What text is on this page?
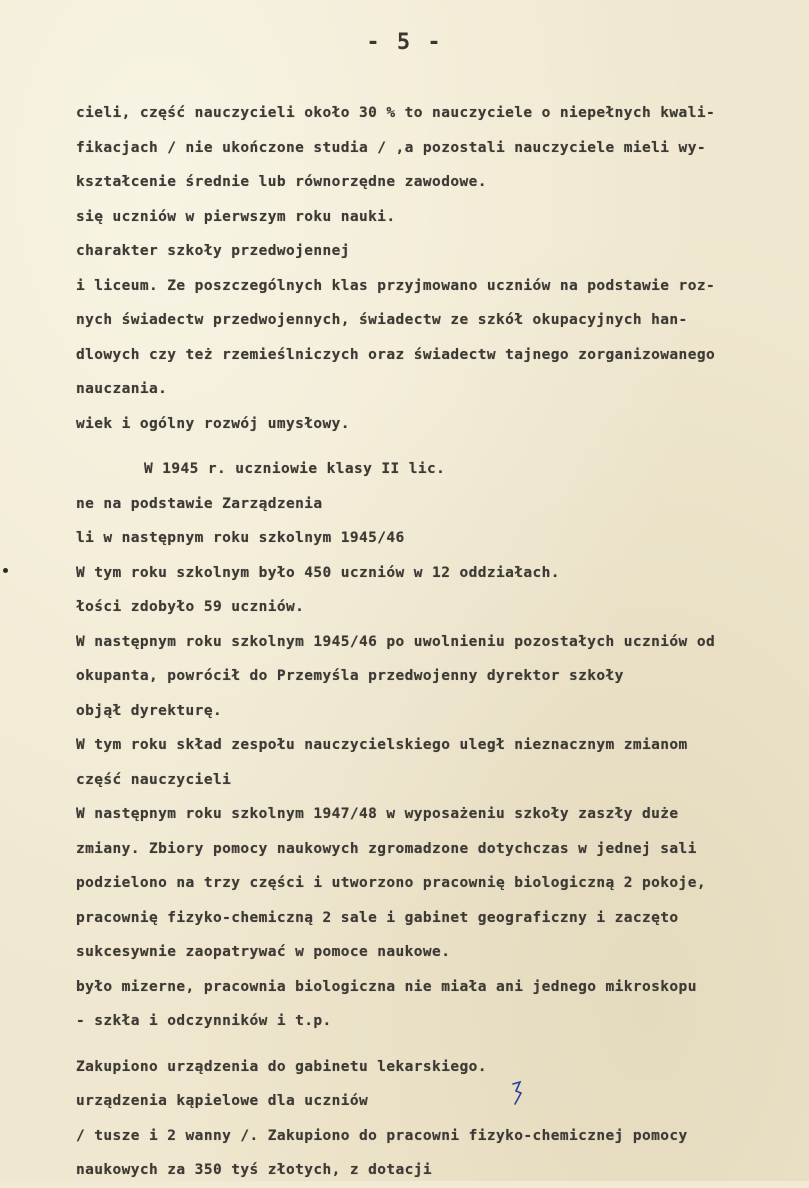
- 5 -
cieli, część nauczycieli około 30 % to nauczyciele o niepełnych kwali-
fikacjach / nie ukończone studia / ,a pozostali nauczyciele mieli wy-
kształcenie średnie lub równorzędne zawodowe.
się uczniów w pierwszym roku nauki.
charakter szkoły przedwojennej
i liceum. Ze poszczególnych klas przyjmowano uczniów na podstawie roz-
nych świadectw przedwojennych, świadectw ze szkół okupacyjnych han-
dlowych czy też rzemieślniczych oraz świadectw tajnego zorganizowanego
nauczania.
wiek i ogólny rozwój umysłowy.
W 1945 r. uczniowie klasy II lic.
ne na podstawie Zarządzenia
li w następnym roku szkolnym 1945/46
W tym roku szkolnym było 450 uczniów w 12 oddziałach.
łości zdobyło 59 uczniów.
W następnym roku szkolnym 1945/46 po uwolnieniu pozostałych uczniów od
okupanta, powrócił do Przemyśla przedwojenny dyrektor szkoły
objął dyrekturę.
W tym roku skład zespołu nauczycielskiego uległ nieznacznym zmianom
część nauczycieli
W następnym roku szkolnym 1947/48 w wyposażeniu szkoły zaszły duże
zmiany. Zbiory pomocy naukowych zgromadzone dotychczas w jednej sali
podzielono na trzy części i utworzono pracownię biologiczną 2 pokoje,
pracownię fizyko-chemiczną 2 sale i gabinet geograficzny i zaczęto
sukcesywnie zaopatrywać w pomoce naukowe.
było mizerne, pracownia biologiczna nie miała ani jednego mikroskopu
- szkła i odczynników i t.p.
Zakupiono urządzenia do gabinetu lekarskiego.
urządzenia kąpielowe dla uczniów
/ tusze i 2 wanny /. Zakupiono do pracowni fizyko-chemicznej pomocy
naukowych za 350 tyś złotych, z dotacji
